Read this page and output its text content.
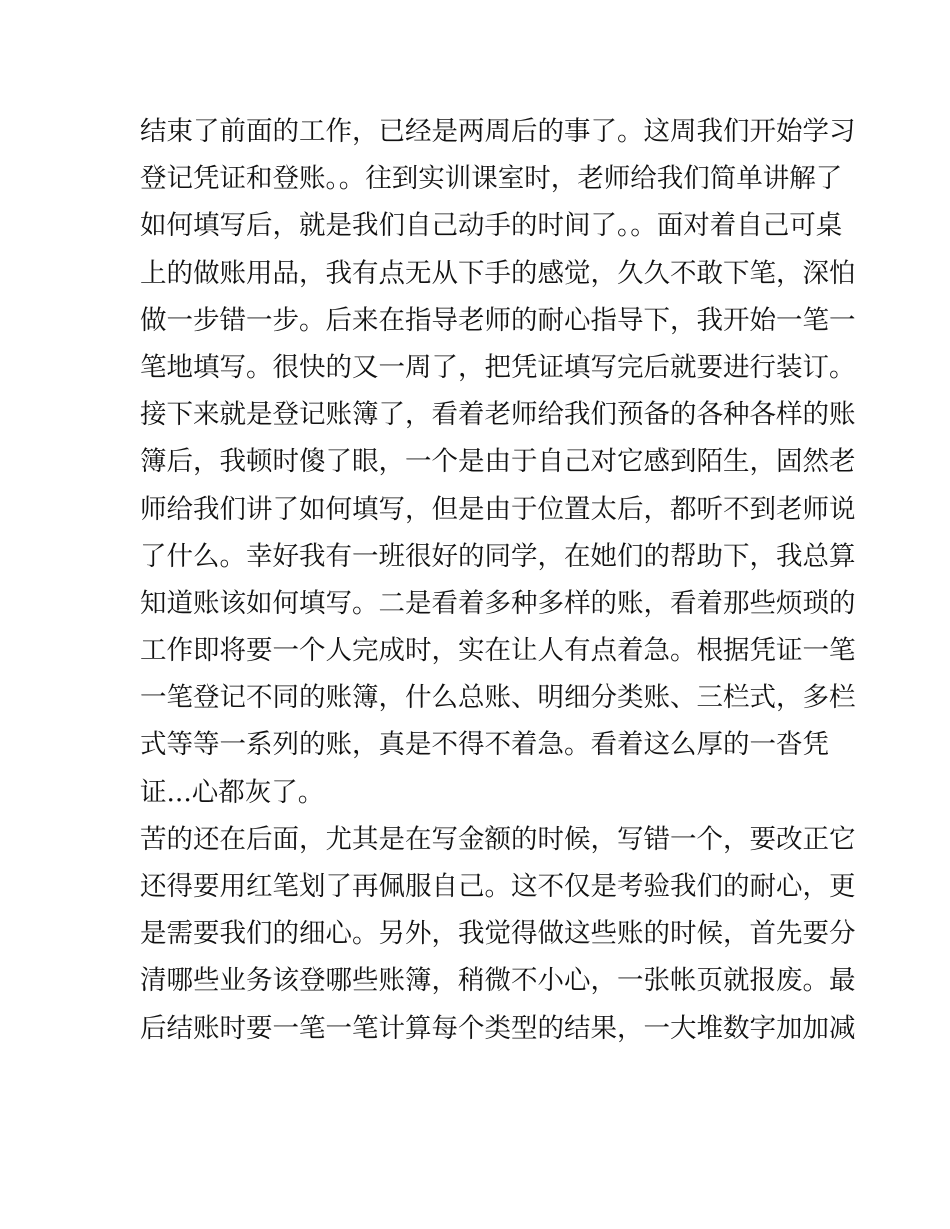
结束了前面的工作，已经是两周后的事了。这周我们开始学习
登记凭证和登账。。往到实训课室时，老师给我们简单讲解了
如何填写后，就是我们自己动手的时间了。。面对着自己可桌
上的做账用品，我有点无从下手的感觉，久久不敢下笔，深怕
做一步错一步。后来在指导老师的耐心指导下，我开始一笔一
笔地填写。很快的又一周了，把凭证填写完后就要进行装订。
接下来就是登记账簿了，看着老师给我们预备的各种各样的账
簿后，我顿时傻了眼，一个是由于自己对它感到陌生，固然老
师给我们讲了如何填写，但是由于位置太后，都听不到老师说
了什么。幸好我有一班很好的同学，在她们的帮助下，我总算
知道账该如何填写。二是看着多种多样的账，看着那些烦琐的
工作即将要一个人完成时，实在让人有点着急。根据凭证一笔
一笔登记不同的账簿，什么总账、明细分类账、三栏式，多栏
式等等一系列的账，真是不得不着急。看着这么厚的一沓凭
证...心都灰了。
苦的还在后面，尤其是在写金额的时候，写错一个，要改正它
还得要用红笔划了再佩服自己。这不仅是考验我们的耐心，更
是需要我们的细心。另外，我觉得做这些账的时候，首先要分
清哪些业务该登哪些账簿，稍微不小心，一张帐页就报废。最
后结账时要一笔一笔计算每个类型的结果，一大堆数字加加减
